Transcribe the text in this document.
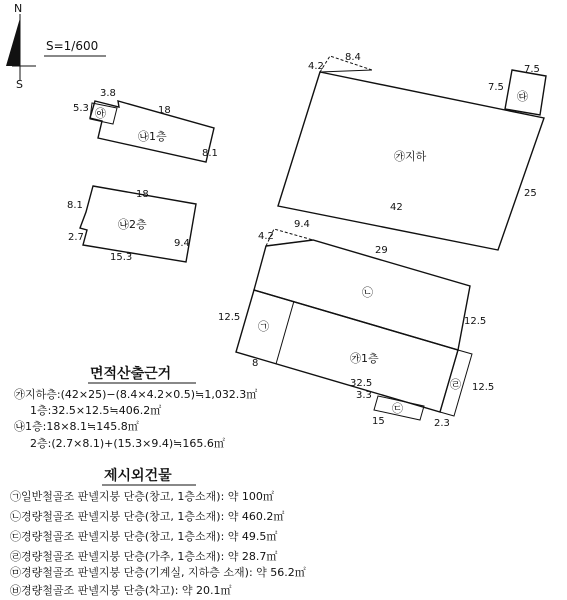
N
S
S=1/600
4.2
8.4
42
25
㉮지하
7.5
7.5
㉰
3.8
5.3	18
8.1
㉵
㉯1층
18
8.1
2.7
9.4
15.3
㉯2층
4.2
9.4
29
12.5	12.5
8
32.5
3.3
15
12.5
2.3
㉠
㉡
㉮1층
㉣
㉢
면적산출근거
㉮지하층:(42×25)−(8.4×4.2×0.5)≒1,032.3㎡
1층:32.5×12.5≒406.2㎡
㉯1층:18×8.1≒145.8㎡
2층:(2.7×8.1)+(15.3×9.4)≒165.6㎡
제시외건물
㉠일반철골조 판넬지붕 단층(창고, 1층소재): 약 100㎡
㉡경량철골조 판넬지붕 단층(창고, 1층소재): 약 460.2㎡
㉢경량철골조 판넬지붕 단층(창고, 1층소재): 약 49.5㎡
㉣경량철골조 판넬지붕 단층(가추, 1층소재): 약 28.7㎡
㉤경량철골조 판넬지붕 단층(기계실, 지하층 소재): 약 56.2㎡
㉥경량철골조 판넬지붕 단층(차고): 약 20.1㎡
